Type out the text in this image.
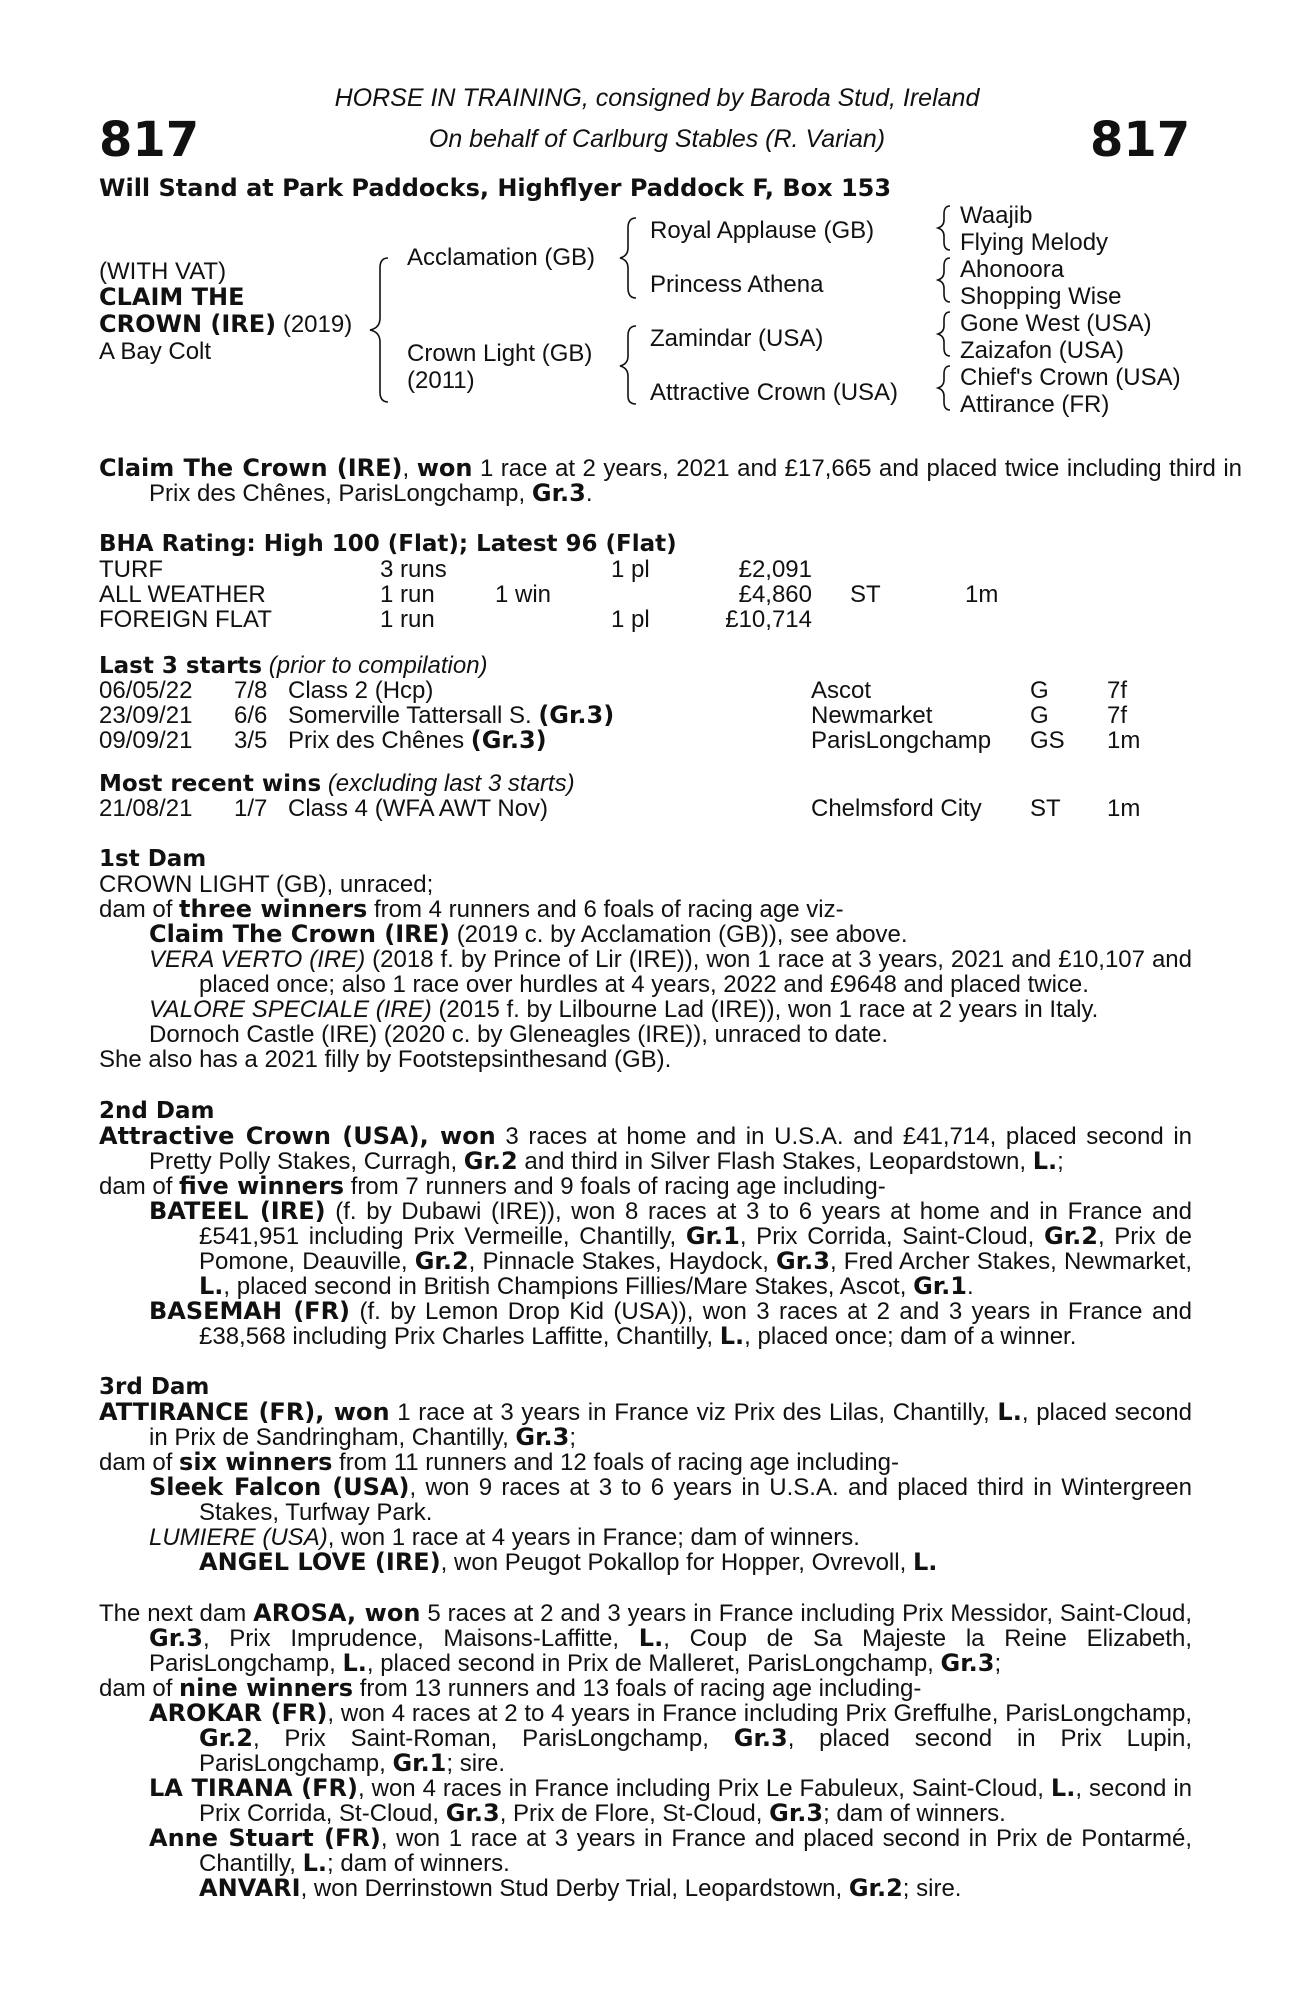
817	817
HORSE IN TRAINING, consigned by Baroda Stud, Ireland
On behalf of Carlburg Stables (R. Varian)
Will Stand at Park Paddocks, Highflyer Paddock F, Box 153
(WITH VAT)
CLAIM THE
CROWN (IRE) (2019)
A Bay Colt
Acclamation (GB)
Crown Light (GB)
(2011)
Royal Applause (GB)
Princess Athena
Zamindar (USA)
Attractive Crown (USA)
Waajib
Flying Melody
Ahonoora
Shopping Wise
Gone West (USA)
Zaizafon (USA)
Chief's Crown (USA)
Attirance (FR)
Claim The Crown (IRE), won 1 race at 2 years, 2021 and £17,665 and placed twice including third in Prix des Chênes, ParisLongchamp, Gr.3.
BHA Rating: High 100 (Flat); Latest 96 (Flat)
TURF	3 runs	1 pl	£2,091
ALL WEATHER	1 run	1 win	£4,860 ST	1m
FOREIGN FLAT	1 run	1 pl	£10,714
Last 3 starts (prior to compilation)
06/05/22 7/8 Class 2 (Hcp)	Ascot	G 7f
23/09/21 6/6 Somerville Tattersall S. (Gr.3)	Newmarket	G 7f
09/09/21 3/5 Prix des Chênes (Gr.3)	ParisLongchamp GS 1m
Most recent wins (excluding last 3 starts)
21/08/21 1/7 Class 4 (WFA AWT Nov)	Chelmsford City ST 1m
1st Dam
CROWN LIGHT (GB), unraced;
dam of three winners from 4 runners and 6 foals of racing age viz-
Claim The Crown (IRE) (2019 c. by Acclamation (GB)), see above.
VERA VERTO (IRE) (2018 f. by Prince of Lir (IRE)), won 1 race at 3 years, 2021 and £10,107 and placed once; also 1 race over hurdles at 4 years, 2022 and £9648 and placed twice.
VALORE SPECIALE (IRE) (2015 f. by Lilbourne Lad (IRE)), won 1 race at 2 years in Italy.
Dornoch Castle (IRE) (2020 c. by Gleneagles (IRE)), unraced to date.
She also has a 2021 filly by Footstepsinthesand (GB).
2nd Dam
Attractive Crown (USA), won 3 races at home and in U.S.A. and £41,714, placed second in Pretty Polly Stakes, Curragh, Gr.2 and third in Silver Flash Stakes, Leopardstown, L.;
dam of five winners from 7 runners and 9 foals of racing age including-
BATEEL (IRE) (f. by Dubawi (IRE)), won 8 races at 3 to 6 years at home and in France and £541,951 including Prix Vermeille, Chantilly, Gr.1, Prix Corrida, Saint-Cloud, Gr.2, Prix de Pomone, Deauville, Gr.2, Pinnacle Stakes, Haydock, Gr.3, Fred Archer Stakes, Newmarket, L., placed second in British Champions Fillies/Mare Stakes, Ascot, Gr.1.
BASEMAH (FR) (f. by Lemon Drop Kid (USA)), won 3 races at 2 and 3 years in France and £38,568 including Prix Charles Laffitte, Chantilly, L., placed once; dam of a winner.
3rd Dam
ATTIRANCE (FR), won 1 race at 3 years in France viz Prix des Lilas, Chantilly, L., placed second in Prix de Sandringham, Chantilly, Gr.3;
dam of six winners from 11 runners and 12 foals of racing age including-
Sleek Falcon (USA), won 9 races at 3 to 6 years in U.S.A. and placed third in Wintergreen Stakes, Turfway Park.
LUMIERE (USA), won 1 race at 4 years in France; dam of winners.
ANGEL LOVE (IRE), won Peugot Pokallop for Hopper, Ovrevoll, L.
The next dam AROSA, won 5 races at 2 and 3 years in France including Prix Messidor, Saint-Cloud, Gr.3, Prix Imprudence, Maisons-Laffitte, L., Coup de Sa Majeste la Reine Elizabeth, ParisLongchamp, L., placed second in Prix de Malleret, ParisLongchamp, Gr.3;
dam of nine winners from 13 runners and 13 foals of racing age including-
AROKAR (FR), won 4 races at 2 to 4 years in France including Prix Greffulhe, ParisLongchamp, Gr.2, Prix Saint-Roman, ParisLongchamp, Gr.3, placed second in Prix Lupin, ParisLongchamp, Gr.1; sire.
LA TIRANA (FR), won 4 races in France including Prix Le Fabuleux, Saint-Cloud, L., second in Prix Corrida, St-Cloud, Gr.3, Prix de Flore, St-Cloud, Gr.3; dam of winners.
Anne Stuart (FR), won 1 race at 3 years in France and placed second in Prix de Pontarmé, Chantilly, L.; dam of winners.
ANVARI, won Derrinstown Stud Derby Trial, Leopardstown, Gr.2; sire.
